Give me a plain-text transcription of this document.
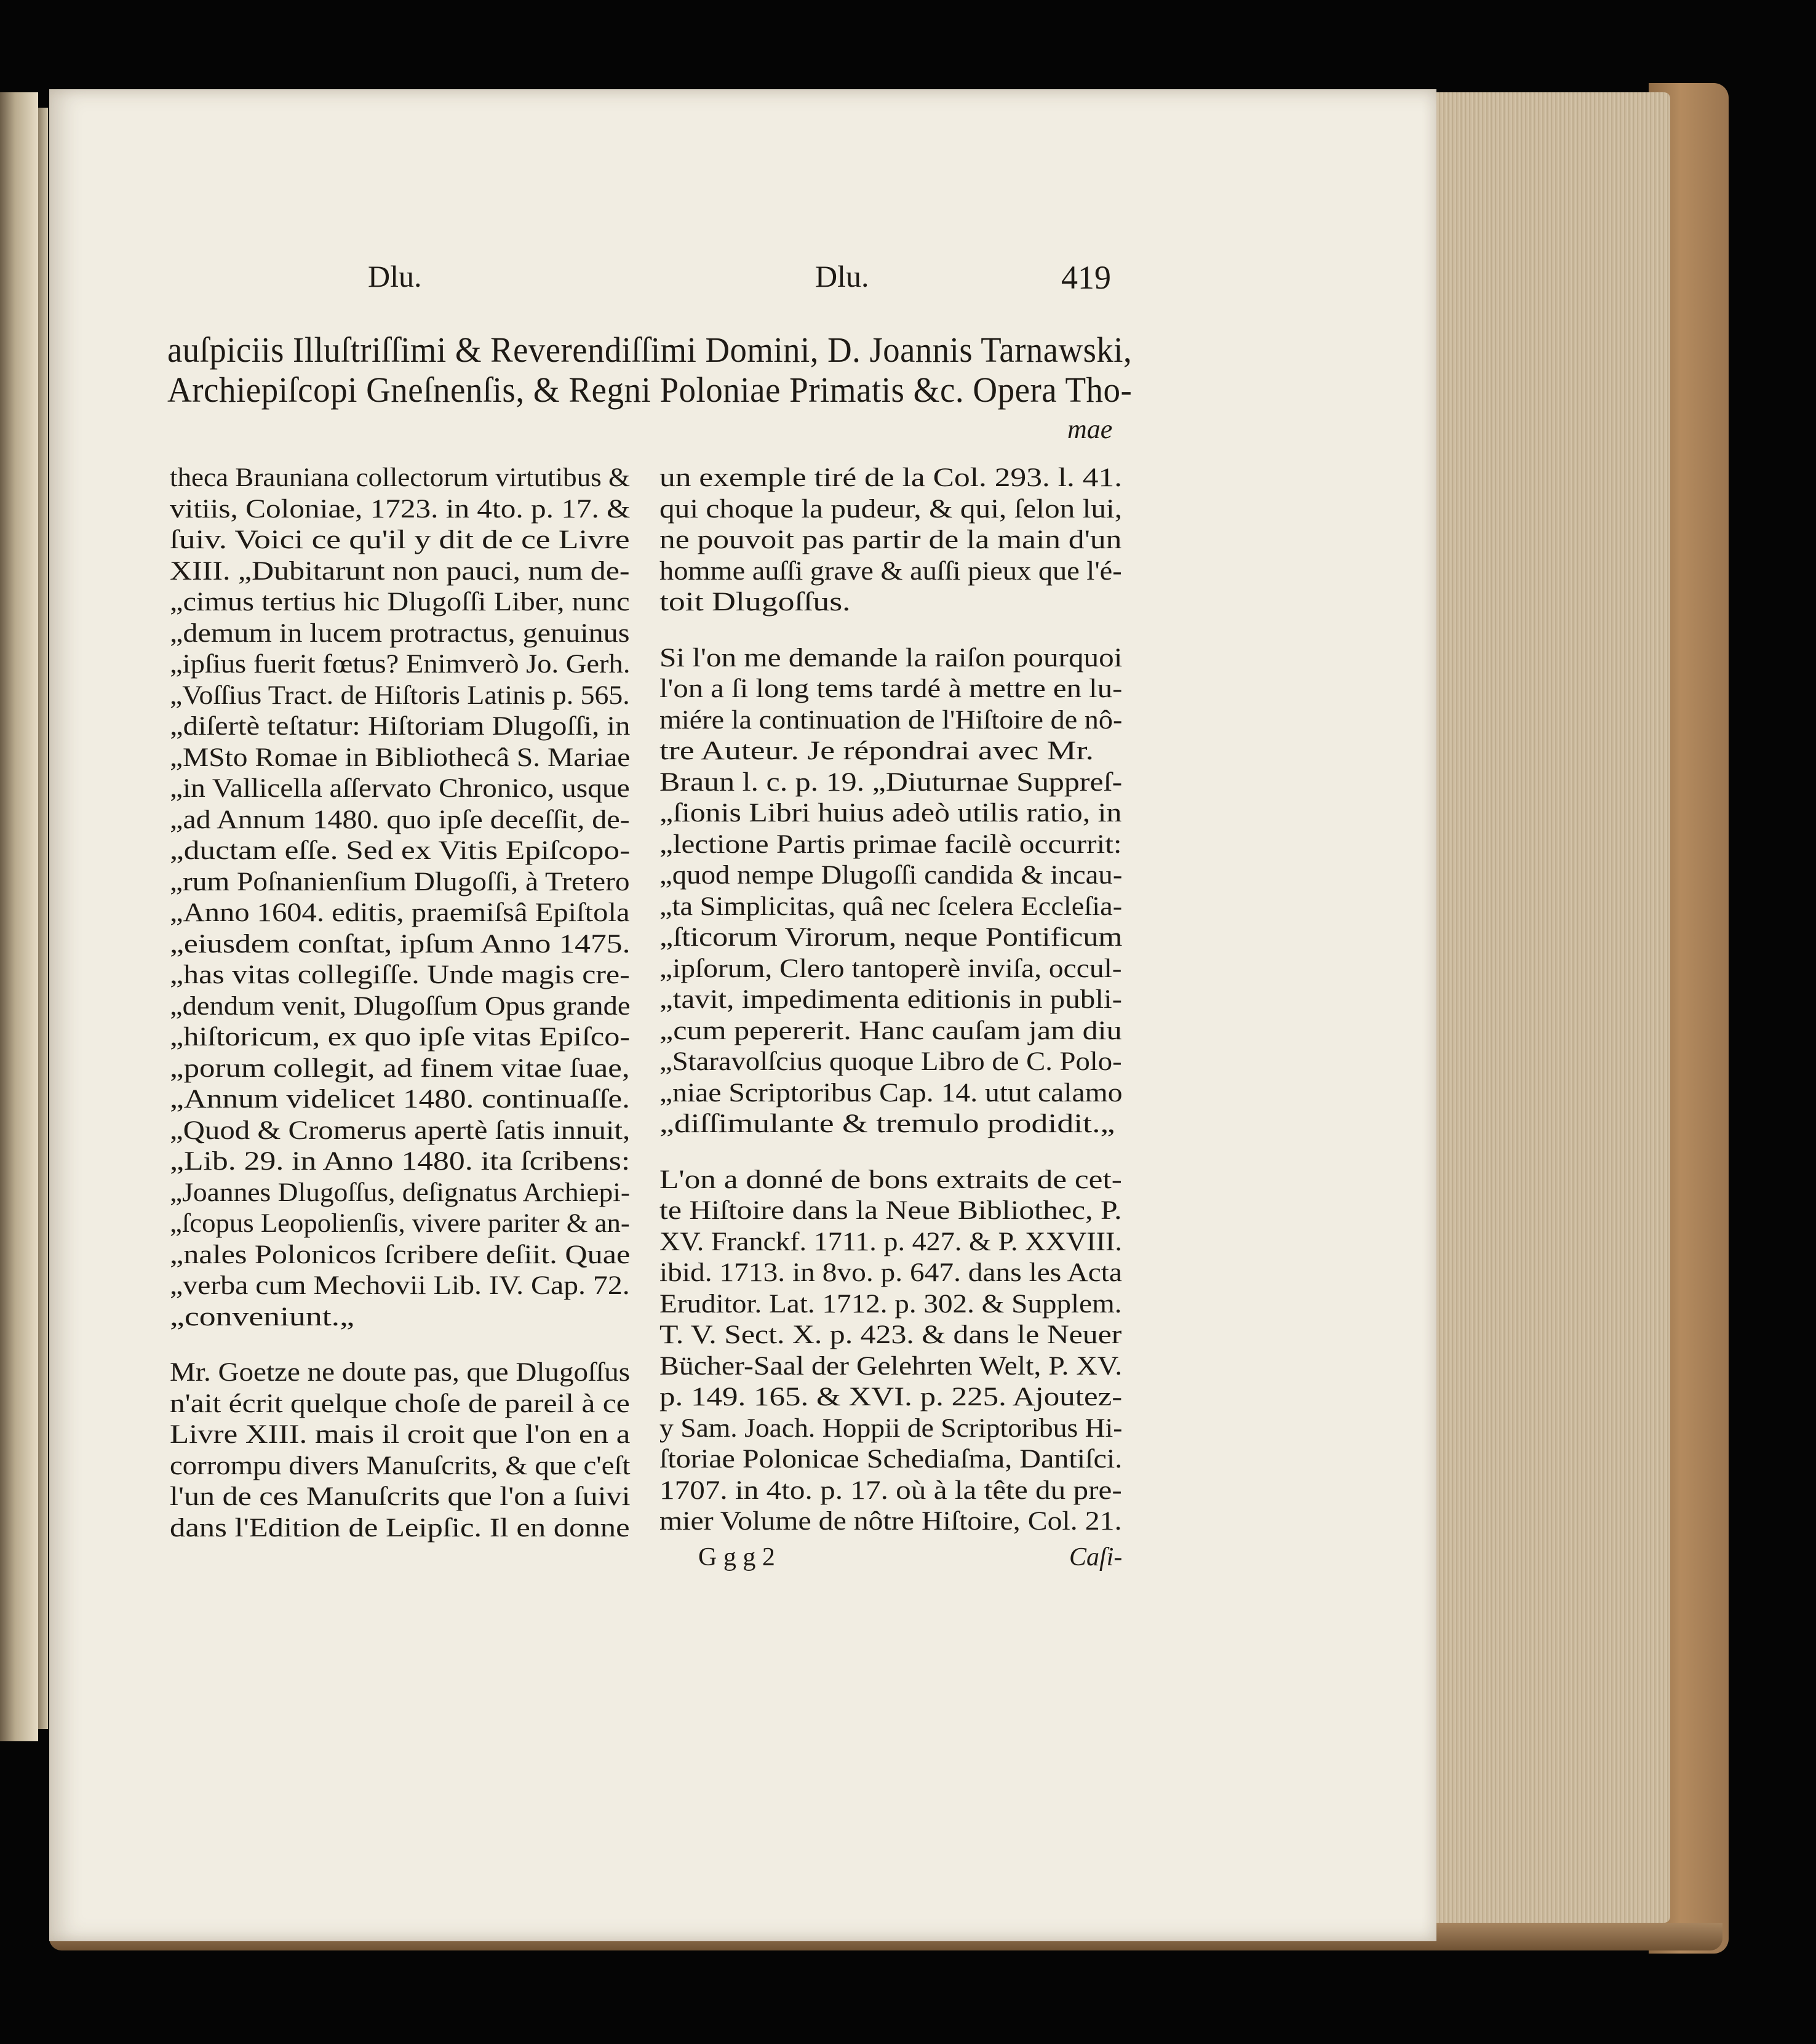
Dlu.	Dlu.	419
auſpiciis Illuſtriſſimi & Reverendiſſimi Domini, D. Joannis Tarnawski,
Archiepiſcopi Gneſnenſis, & Regni Poloniae Primatis &c. Opera Tho-
mae
theca Brauniana collectorum virtutibus &
vitiis, Coloniae, 1723. in 4to. p. 17. &
ſuiv. Voici ce qu'il y dit de ce Livre
XIII. „Dubitarunt non pauci, num de-
„cimus tertius hic Dlugoſſi Liber, nunc
„demum in lucem protractus, genuinus
„ipſius fuerit fœtus? Enimverò Jo. Gerh.
„Voſſius Tract. de Hiſtoris Latinis p. 565.
„diſertè teſtatur: Hiſtoriam Dlugoſſi, in
„MSto Romae in Bibliothecâ S. Mariae
„in Vallicella aſſervato Chronico, usque
„ad Annum 1480. quo ipſe deceſſit, de-
„ductam eſſe. Sed ex Vitis Epiſcopo-
„rum Poſnanienſium Dlugoſſi, à Tretero
„Anno 1604. editis, praemiſsâ Epiſtola
„eiusdem conſtat, ipſum Anno 1475.
„has vitas collegiſſe. Unde magis cre-
„dendum venit, Dlugoſſum Opus grande
„hiſtoricum, ex quo ipſe vitas Epiſco-
„porum collegit, ad finem vitae ſuae,
„Annum videlicet 1480. continuaſſe.
„Quod & Cromerus apertè ſatis innuit,
„Lib. 29. in Anno 1480. ita ſcribens:
„Joannes Dlugoſſus, deſignatus Archiepi-
„ſcopus Leopolienſis, vivere pariter & an-
„nales Polonicos ſcribere deſiit. Quae
„verba cum Mechovii Lib. IV. Cap. 72.
„conveniunt.„
Mr. Goetze ne doute pas, que Dlugoſſus
n'ait écrit quelque choſe de pareil à ce
Livre XIII. mais il croit que l'on en a
corrompu divers Manuſcrits, & que c'eſt
l'un de ces Manuſcrits que l'on a ſuivi
dans l'Edition de Leipſic. Il en donne
un exemple tiré de la Col. 293. l. 41.
qui choque la pudeur, & qui, ſelon lui,
ne pouvoit pas partir de la main d'un
homme auſſi grave & auſſi pieux que l'é-
toit Dlugoſſus.
Si l'on me demande la raiſon pourquoi
l'on a ſi long tems tardé à mettre en lu-
miére la continuation de l'Hiſtoire de nô-
tre Auteur. Je répondrai avec Mr.
Braun l. c. p. 19. „Diuturnae Suppreſ-
„ſionis Libri huius adeò utilis ratio, in
„lectione Partis primae facilè occurrit:
„quod nempe Dlugoſſi candida & incau-
„ta Simplicitas, quâ nec ſcelera Eccleſia-
„ſticorum Virorum, neque Pontificum
„ipſorum, Clero tantoperè inviſa, occul-
„tavit, impedimenta editionis in publi-
„cum pepererit. Hanc cauſam jam diu
„Staravolſcius quoque Libro de C. Polo-
„niae Scriptoribus Cap. 14. utut calamo
„diſſimulante & tremulo prodidit.„
L'on a donné de bons extraits de cet-
te Hiſtoire dans la Neue Bibliothec, P.
XV. Franckf. 1711. p. 427. & P. XXVIII.
ibid. 1713. in 8vo. p. 647. dans les Acta
Eruditor. Lat. 1712. p. 302. & Supplem.
T. V. Sect. X. p. 423. & dans le Neuer
Bücher-Saal der Gelehrten Welt, P. XV.
p. 149. 165. & XVI. p. 225. Ajoutez-
y Sam. Joach. Hoppii de Scriptoribus Hi-
ſtoriae Polonicae Schediaſma, Dantiſci.
1707. in 4to. p. 17. où à la tête du pre-
mier Volume de nôtre Hiſtoire, Col. 21.
G g g 2	Caſi-
